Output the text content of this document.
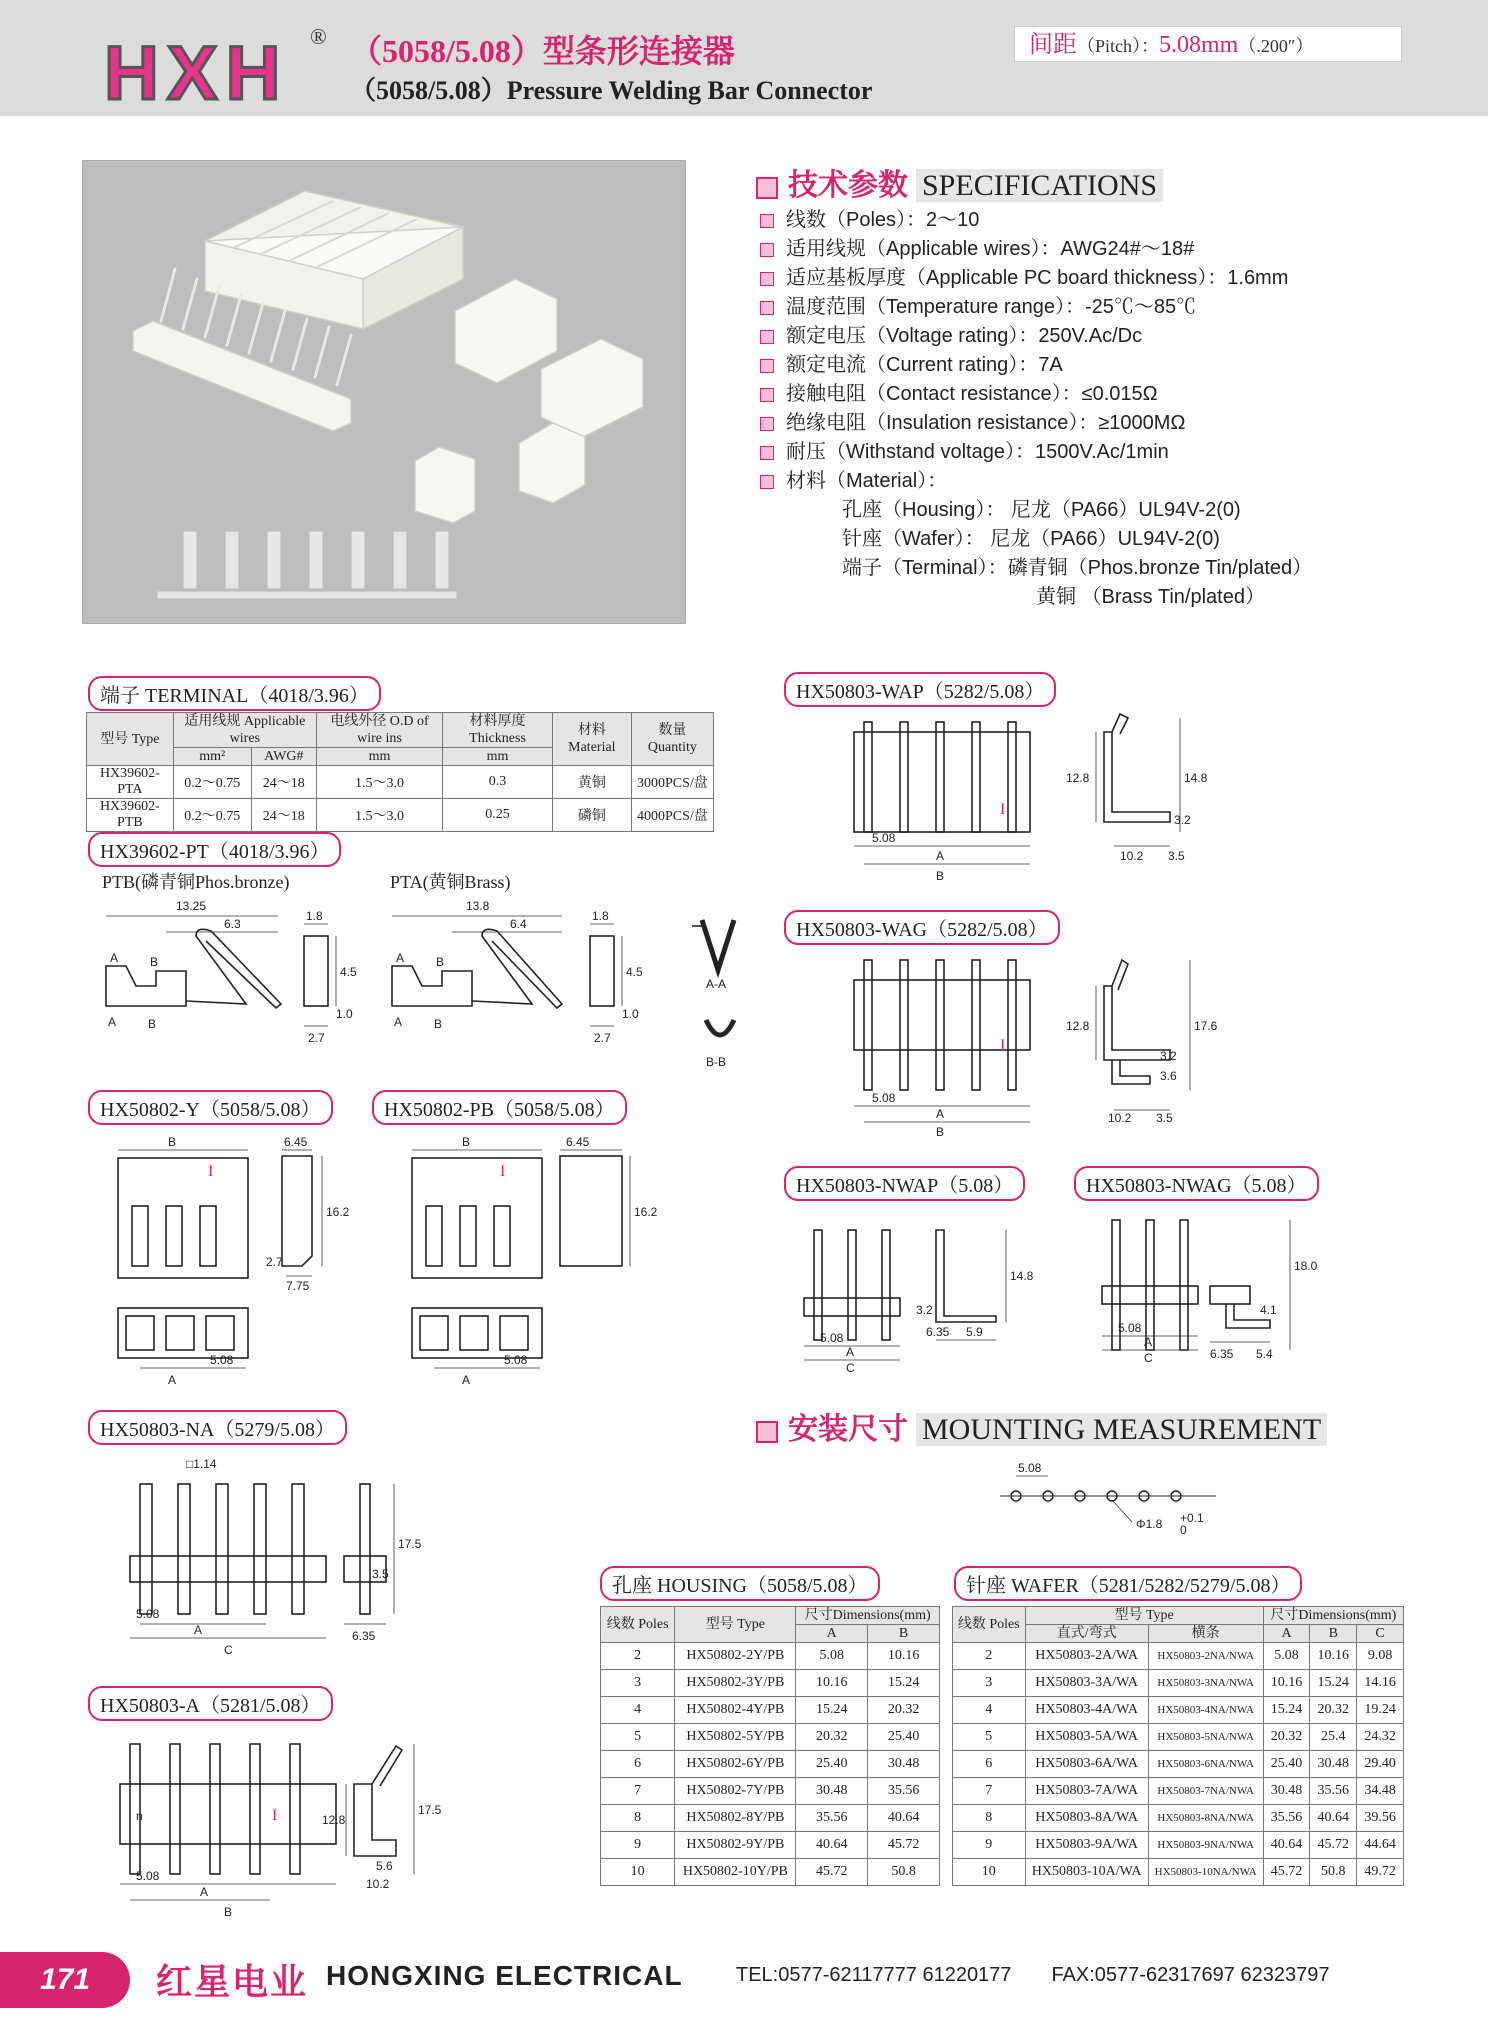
HXH ® （5058/5.08）型条形连接器
（5058/5.08）Pressure Welding Bar Connector
间距（Pitch）：5.08mm（.200″）
技术参数 SPECIFICATIONS
线数（Poles）：2～10
适用线规（Applicable wires）：AWG24#～18#
适应基板厚度（Applicable PC board thickness）：1.6mm
温度范围（Temperature range）：-25℃～85℃
额定电压（Voltage rating）：250V.Ac/Dc
额定电流（Current rating）：7A
接触电阻（Contact resistance）：≤0.015Ω
绝缘电阻（Insulation resistance）：≥1000MΩ
耐压（Withstand voltage）：1500V.Ac/1min
材料（Material）：
孔座（Housing）： 尼龙（PA66）UL94V-2(0)
针座（Wafer）： 尼龙（PA66）UL94V-2(0)
端子（Terminal）：磷青铜（Phos.bronze Tin/plated）
黄铜 （Brass Tin/plated）
端子 TERMINAL（4018/3.96）
型号 Type	适用线规 Applicable wires		电线外径 O.D of wire ins	材料厚度 Thickness	材料 Material	数量 Quantity
	mm²	AWG#	mm	mm		
HX39602-PTA	0.2～0.75	24～18	1.5～3.0	0.3	黄铜	3000PCS/盘
HX39602-PTB	0.2～0.75	24～18	1.5～3.0	0.25	磷铜	4000PCS/盘
HX39602-PT（4018/3.96）
PTB(磷青铜Phos.bronze)	PTA(黄铜Brass)
13.25
6.3
1.8
4.5
1.0
2.7
13.8
6.4
1.8
4.5
1.0
2.7
A	B
A	B
A	B
A	B
A-A
B-B
HX50802-Y（5058/5.08）	HX50802-PB（5058/5.08）
B	6.45
16.2
2.7
7.75
5.08
A
I
B	6.45
16.2
5.08
A
I
HX50803-NA（5279/5.08）
□1.14
5.08
A
C
17.5
3.5
6.35
HX50803-A（5281/5.08）
5.08
A
B
12.8
17.5
5.6
10.2
n	I
HX50803-WAP（5282/5.08）
5.08
A
B
12.8	14.8
3.2
10.2 3.5
I
HX50803-WAG（5282/5.08）
5.08
A
B
12.8	17.6
3.2
3.6
10.2 3.5
I
HX50803-NWAP（5.08）	HX50803-NWAG（5.08）
5.08
A
C
3.2
14.8
6.35 5.9	5.08
A
C
18.0
4.1
6.35 5.4
安装尺寸 MOUNTING MEASUREMENT
5.08
Φ1.8 +0.1
0
孔座 HOUSING（5058/5.08）
线数 Poles	型号 Type	尺寸Dimensions(mm)	
		A	B
2	HX50802-2Y/PB	5.08	10.16
3	HX50802-3Y/PB	10.16	15.24
4	HX50802-4Y/PB	15.24	20.32
5	HX50802-5Y/PB	20.32	25.40
6	HX50802-6Y/PB	25.40	30.48
7	HX50802-7Y/PB	30.48	35.56
8	HX50802-8Y/PB	35.56	40.64
9	HX50802-9Y/PB	40.64	45.72
10	HX50802-10Y/PB	45.72	50.8
针座 WAFER（5281/5282/5279/5.08）
线数 Poles	型号 Type		尺寸Dimensions(mm)		
	直式/弯式	横条	A	B	C
2	HX50803-2A/WA	HX50803-2NA/NWA	5.08	10.16	9.08
3	HX50803-3A/WA	HX50803-3NA/NWA	10.16	15.24	14.16
4	HX50803-4A/WA	HX50803-4NA/NWA	15.24	20.32	19.24
5	HX50803-5A/WA	HX50803-5NA/NWA	20.32	25.4	24.32
6	HX50803-6A/WA	HX50803-6NA/NWA	25.40	30.48	29.40
7	HX50803-7A/WA	HX50803-7NA/NWA	30.48	35.56	34.48
8	HX50803-8A/WA	HX50803-8NA/NWA	35.56	40.64	39.56
9	HX50803-9A/WA	HX50803-9NA/NWA	40.64	45.72	44.64
10	HX50803-10A/WA	HX50803-10NA/NWA	45.72	50.8	49.72
171	红星电业 HONGXING ELECTRICAL	TEL:0577-62117777 61220177 FAX:0577-62317697 62323797
